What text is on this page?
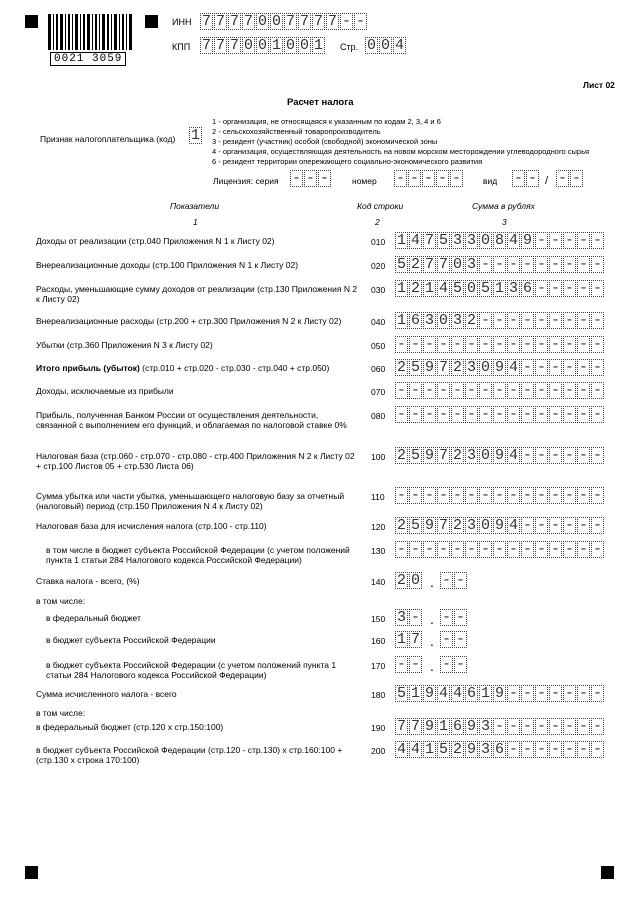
0021 3059
ИНН 7 7 7 7 0 0 7 7 7 7 - -
КПП 7 7 7 0 0 1 0 0 1 Стр. 0 0 4
Лист 02
Расчет налога
Признак налогоплательщика (код) 1
1 - организация, не относящаяся к указанным по кодам 2, 3, 4 и 6
2 - сельскохозяйственный товаропроизводитель
3 - резидент (участник) особой (свободной) экономической зоны
4 - организация, осуществляющая деятельность на новом морском месторождении углеводородного сырья
6 - резидент территории опережающего социально-экономического развития
Лицензия: серия - - -	номер - - - - -	вид - - / - -
Показатели	Код строки	Сумма в рублях
1	2	3
Доходы от реализации (стр.040 Приложения N 1 к Листу 02)	010 1 4 7 5 3 3 0 8 4 9 - - - - -
Внереализационные доходы (стр.100 Приложения N 1 к Листу 02)	020 5 2 7 7 0 3 - - - - - - - - -
Расходы, уменьшающие сумму доходов от реализации (стр.130 Приложения N 2 к Листу 02)
030 1 2 1 4 5 0 5 1 3 6 - - - - -
Внереализационные расходы (стр.200 + стр.300 Приложения N 2 к Листу 02)	040 1 6 3 0 3 2 - - - - - - - - -
Убытки (стр.360 Приложения N 3 к Листу 02)	050 - - - - - - - - - - - - - - -
Итого прибыль (убыток) (стр.010 + стр.020 - стр.030 - стр.040 + стр.050)	060 2 5 9 7 2 3 0 9 4 - - - - - -
Доходы, исключаемые из прибыли	070 - - - - - - - - - - - - - - -
Прибыль, полученная Банком России от осуществления деятельности, связанной с выполнением его функций, и облагаемая по налоговой ставке 0%
080 - - - - - - - - - - - - - - -
Налоговая база (стр.060 - стр.070 - стр.080 - стр.400 Приложения N 2 к Листу 02 + стр.100 Листов 05 + стр.530 Листа 06)
100 2 5 9 7 2 3 0 9 4 - - - - - -
Сумма убытка или части убытка, уменьшающего налоговую базу за отчетный (налоговый) период (стр.150 Приложения N 4 к Листу 02)
110 - - - - - - - - - - - - - - -
Налоговая база для исчисления налога (стр.100 - стр.110)	120 2 5 9 7 2 3 0 9 4 - - - - - -
в том числе в бюджет субъекта Российской Федерации (с учетом положений пункта 1 статьи 284 Налогового кодекса Российской Федерации)
130 - - - - - - - - - - - - - - -
Ставка налога - всего, (%)	140 2 0 . - -
в том числе:
в федеральный бюджет	150 3 - . - -
в бюджет субъекта Российской Федерации	160 1 7 . - -
в бюджет субъекта Российской Федерации (с учетом положений пункта 1 статьи 284 Налогового кодекса Российской Федерации)
170 - - . - -
Сумма исчисленного налога - всего	180 5 1 9 4 4 6 1 9 - - - - - - -
в том числе:
в федеральный бюджет (стр.120 x стр.150:100)	190 7 7 9 1 6 9 3 - - - - - - - -
в бюджет субъекта Российской Федерации (стр.120 - стр.130) x стр.160:100 + (стр.130 x строка 170:100)
200 4 4 1 5 2 9 3 6 - - - - - - -
